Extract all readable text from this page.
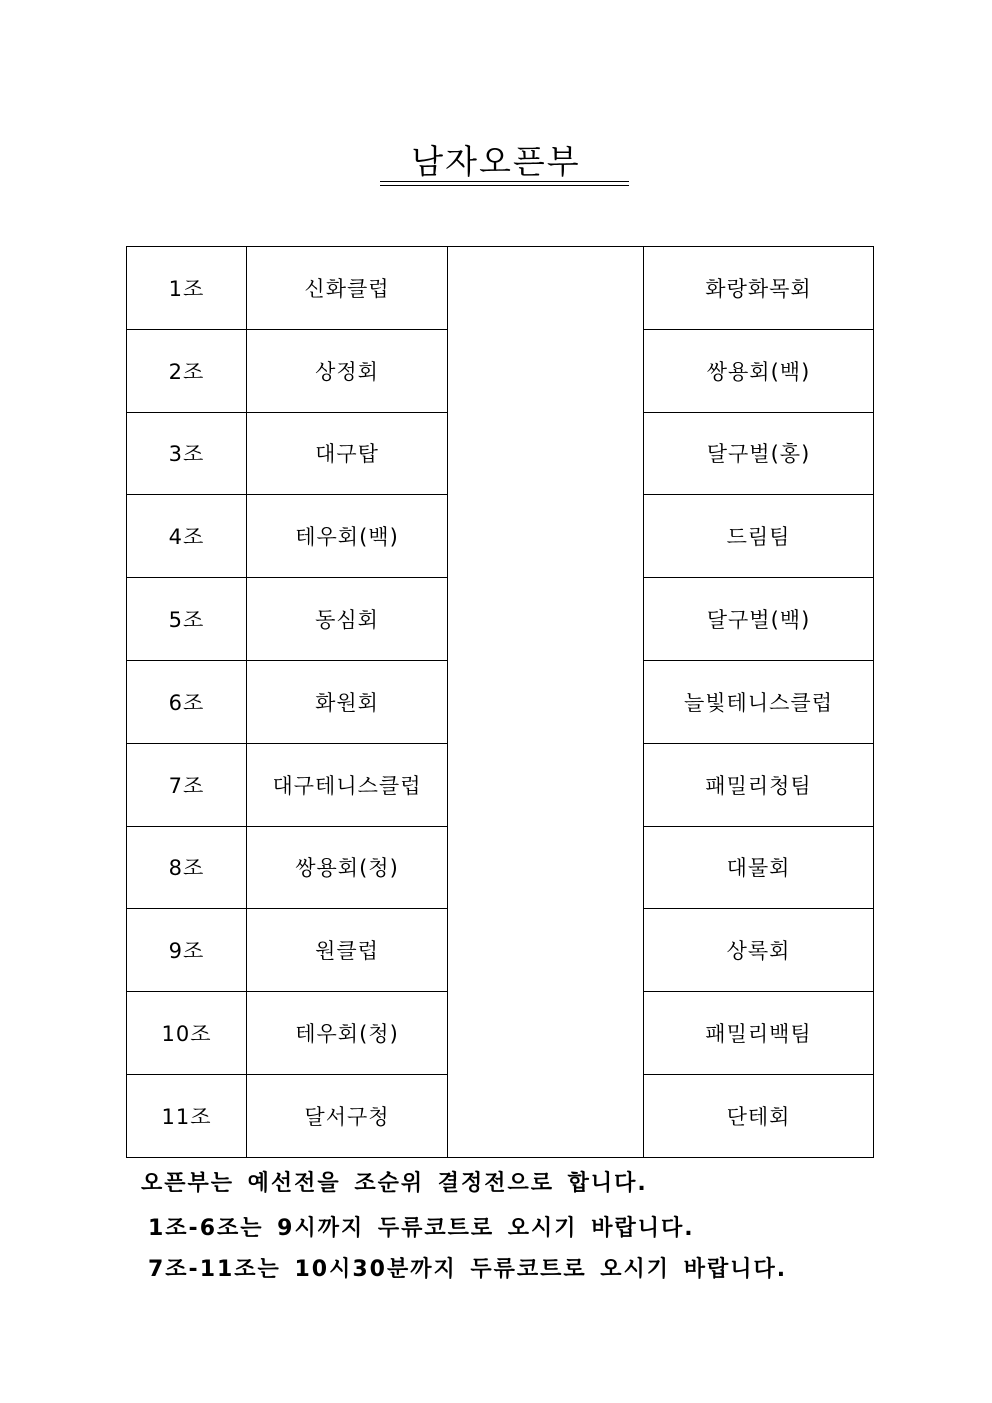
남자오픈부
1조	신화클럽		화랑화목회
2조	상정회		쌍용회(백)
3조	대구탑		달구벌(홍)
4조	테우회(백)		드림팀
5조	동심회		달구벌(백)
6조	화원회		늘빛테니스클럽
7조	대구테니스클럽		패밀리청팀
8조	쌍용회(청)		대물회
9조	원클럽		상록회
10조	테우회(청)		패밀리백팀
11조	달서구청		단테회
오픈부는 예선전을 조순위 결정전으로 합니다.
1조-6조는 9시까지 두류코트로 오시기 바랍니다.
7조-11조는 10시30분까지 두류코트로 오시기 바랍니다.
